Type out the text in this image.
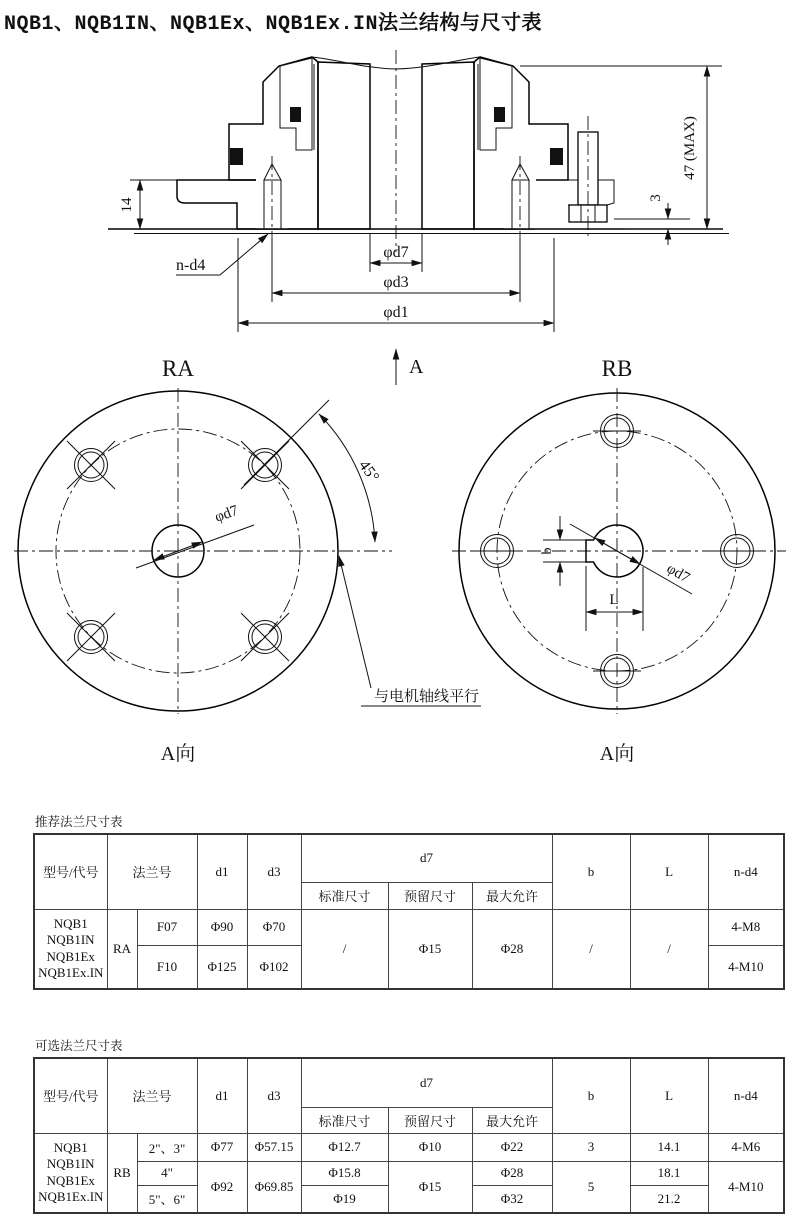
NQB1、NQB1IN、NQB1Ex、NQB1Ex.IN法兰结构与尺寸表
14
47 (MAX)
3
n-d4
φd7
φd3
φd1
A
RA
φd7
45°
与电机轴线平行
A向
RB
b
L
φd7
A向
推荐法兰尺寸表
型号/代号	法兰号		d1	d3	d7			b	L	n-d4
					标准尺寸	预留尺寸	最大允许			

NQB1
NQB1IN
NQB1Ex
NQB1Ex.IN	RA	F07	Φ90	Φ70	/	Φ15	Φ28	/	/	4-M8
		F10	Φ125	Φ102						4-M10
可选法兰尺寸表
型号/代号	法兰号		d1	d3	d7			b	L	n-d4
					标准尺寸	预留尺寸	最大允许			

NQB1
NQB1IN
NQB1Ex
NQB1Ex.IN	RB	2"、3"	Φ77	Φ57.15	Φ12.7	Φ10	Φ22	3	14.1	4-M6
		4"	Φ92	Φ69.85	Φ15.8	Φ15	Φ28	5	18.1	4-M10
		5"、6"			Φ19		Φ32		21.2	
